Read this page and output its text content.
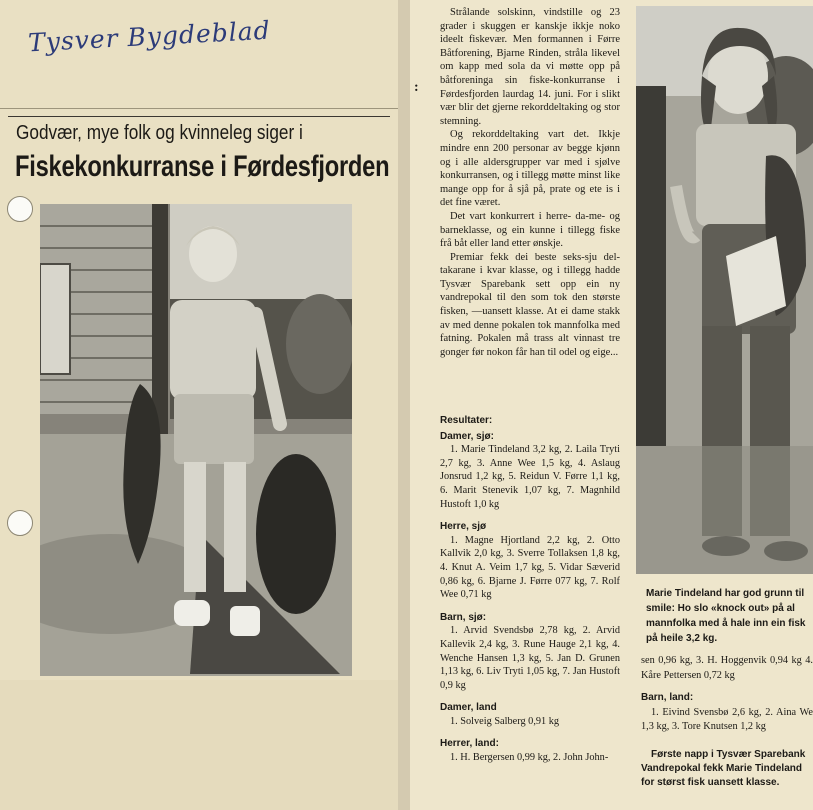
Tysver Bygdeblad
Godvær, mye folk og kvinneleg siger i
Fiskekonkurranse i Førdesfjorden
:

Strålande solskinn, vindstille og 23 grader i skuggen er kanskje ikkje noko ideelt fiskevær. Men formannen i Førre Båtforening, Bjarne Rinden, stråla likevel om kapp med sola da vi møtte opp på båtforeninga sin fiske-konkurranse i Førdesfjorden laurdag 14. juni. For i slikt vær blir det gjerne rekorddeltaking og stor stemning.

Og rekorddeltaking vart det. Ikkje mindre enn 200 personar av begge kjønn og i alle aldersgrupper var med i sjølve konkurransen, og i tillegg møtte minst like mange opp for å sjå på, prate og ete is i det fine været.

Det vart konkurrert i herre- da-me- og barneklasse, og ein kunne i tillegg fiske frå båt eller land etter ønskje.

Premiar fekk dei beste seks-sju del-takarane i kvar klasse, og i tillegg hadde Tysvær Sparebank sett opp ein ny vandrepokal til den som tok den største fisken, —uansett klasse. At ei dame stakk av med denne pokalen tok mannfolka med fatning. Pokalen må trass alt vinnast tre gonger før nokon får han til odel og eige...

Resultater:
Damer, sjø:

1. Marie Tindeland 3,2 kg, 2. Laila Tryti 2,7 kg, 3. Anne Wee 1,5 kg, 4. Aslaug Jonsrud 1,2 kg, 5. Reidun V. Førre 1,1 kg, 6. Marit Stenevik 1,07 kg, 7. Magnhild Hustoft 1,0 kg

Herre, sjø

1. Magne Hjortland 2,2 kg, 2. Otto Kallvik 2,0 kg, 3. Sverre Tollaksen 1,8 kg, 4. Knut A. Veim 1,7 kg, 5. Vidar Sæverid 0,86 kg, 6. Bjarne J. Førre 077 kg, 7. Rolf Wee 0,71 kg

Barn, sjø:

1. Arvid Svendsbø 2,78 kg, 2. Arvid Kallevik 2,4 kg, 3. Rune Hauge 2,1 kg, 4. Wenche Hansen 1,3 kg, 5. Jan D. Grunen 1,13 kg, 6. Liv Tryti 1,05 kg, 7. Jan Hustoft 0,9 kg

Damer, land

1. Solveig Salberg 0,91 kg

Herrer, land:

1. H. Bergersen 0,99 kg, 2. John John-

Marie Tindeland har god grunn til smile: Ho slo «knock out» på al mannfolka med å hale inn ein fisk på heile 3,2 kg.

sen 0,96 kg, 3. H. Hoggenvik 0,94 kg 4. Kåre Pettersen 0,72 kg

Barn, land:

1. Eivind Svensbø 2,6 kg, 2. Aina We 1,3 kg, 3. Tore Knutsen 1,2 kg

Første napp i Tysvær Sparebank Vandrepokal fekk Marie Tindeland for størst fisk uansett klasse.
